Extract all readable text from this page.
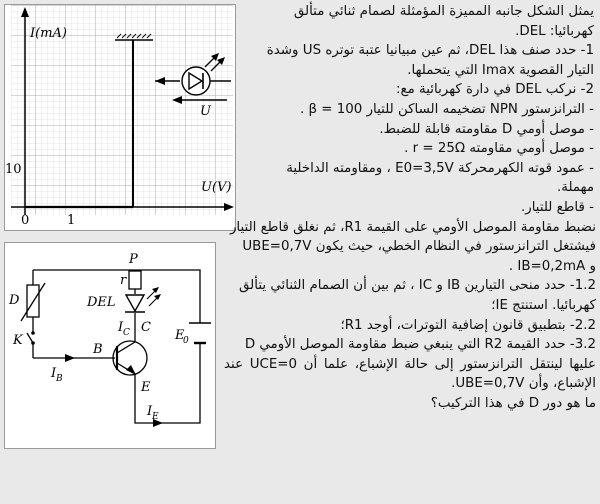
U
I(mA)
10
U(V)
0	1
P
r
DEL
D
K
I C C
B
I B
E
I E
E
0

يمثل الشكل جانبه المميزة المؤمثلة لصمام ثنائي متألق

كهربائيا: DEL.

1- حدد صنف هذا DEL، ثم عين مبيانيا عتبة توتره US وشدة

التيار القصوية Imax التي يتحملها.

2- نركب DEL في دارة كهربائية مع:

- الترانزستور NPN تضخيمه الساكن للتيار β = 100 .

- موصل أومي D مقاومته قابلة للضبط.

- موصل أومي مقاومته r = 25Ω .

- عمود قوته الكهرمحركة E0=3,5V ، ومقاومته الداخلية

مهملة.

- قاطع للتيار.

نضبط مقاومة الموصل الأومي على القيمة R1، ثم نغلق قاطع التيار

فيشتغل الترانزستور في النظام الخطي، حيث يكون UBE=0,7V

و IB=0,2mA .

1.2- حدد منحى التيارين IB و IC ، ثم بين أن الصمام الثنائي يتألق

كهربائيا. استنتج IE؛

2.2- بتطبيق قانون إضافية التوترات، أوجد R1؛

3.2- حدد القيمة R2 التي ينبغي ضبط مقاومة الموصل الأومي D

عليها لينتقل الترانزستور إلى حالة الإشباع، علما أن UCE=0 عند الإشباع، وأن UBE=0,7V.

ما هو دور D في هذا التركيب؟
